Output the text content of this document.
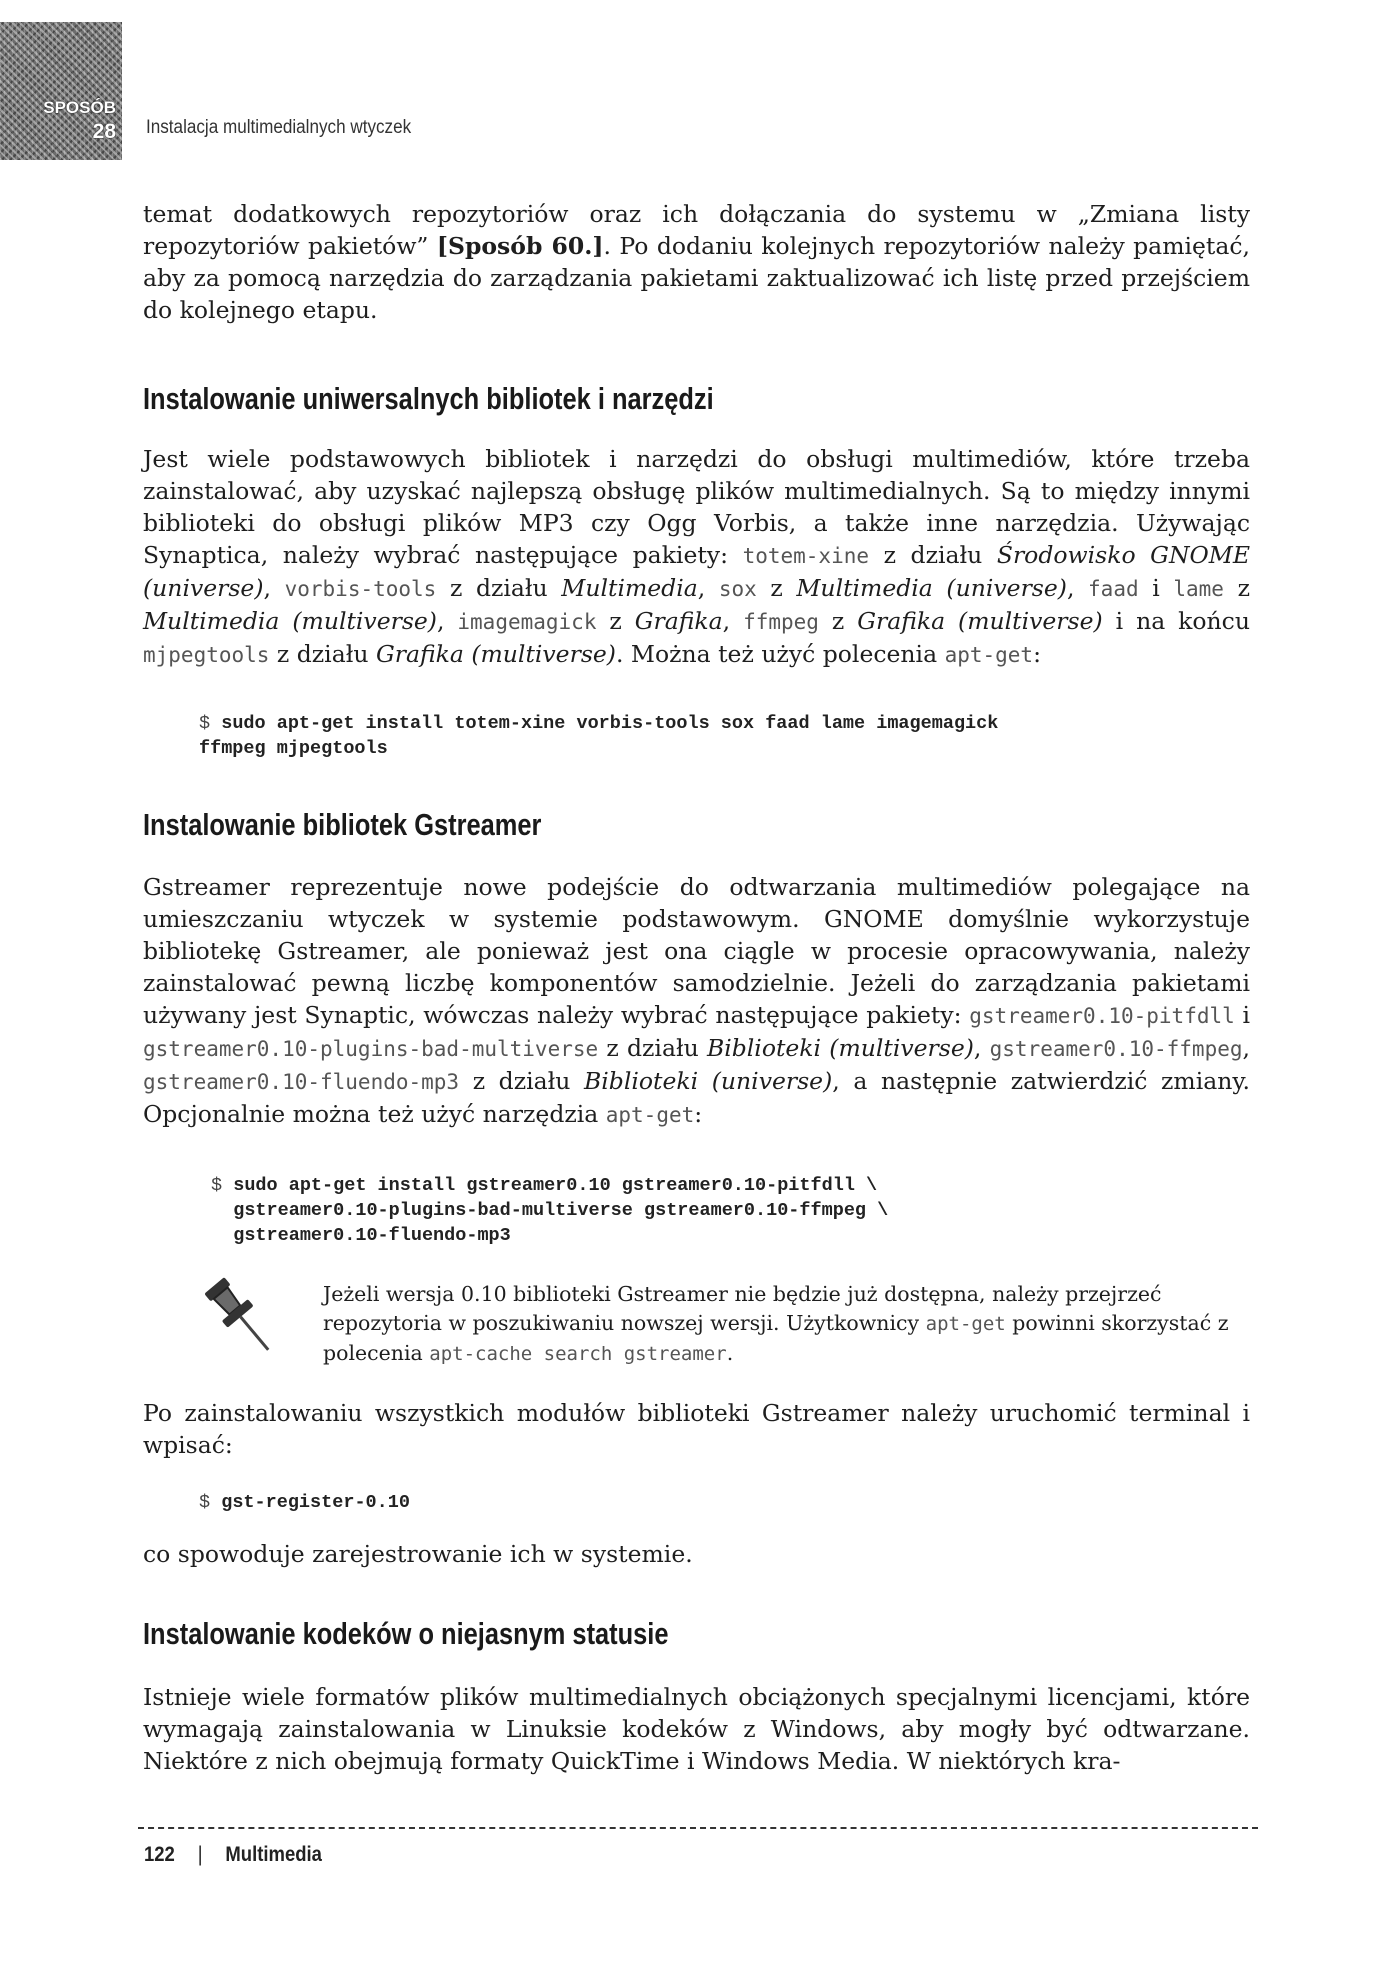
SPOSÓB
28 Instalacja multimedialnych wtyczek

temat dodatkowych repozytoriów oraz ich dołączania do systemu w „Zmiana listy repozytoriów pakietów” [Sposób 60.]. Po dodaniu kolejnych repozytoriów należy pamiętać, aby za pomocą narzędzia do zarządzania pakietami zaktualizować ich listę przed przejściem do kolejnego etapu.

Instalowanie uniwersalnych bibliotek i narzędzi

Jest wiele podstawowych bibliotek i narzędzi do obsługi multimediów, które trzeba zainstalować, aby uzyskać najlepszą obsługę plików multimedialnych. Są to między innymi biblioteki do obsługi plików MP3 czy Ogg Vorbis, a także inne narzędzia. Używając Synaptica, należy wybrać następujące pakiety: totem-xine z działu Środowisko GNOME (universe), vorbis-tools z działu Multimedia, sox z Multimedia (universe), faad i lame z Multimedia (multiverse), imagemagick z Grafika, ffmpeg z Grafika (multiverse) i na końcu mjpegtools z działu Grafika (multiverse). Można też użyć polecenia apt-get:

$ sudo apt-get install totem-xine vorbis-tools sox faad lame imagemagick
ffmpeg mjpegtools
Instalowanie bibliotek Gstreamer

Gstreamer reprezentuje nowe podejście do odtwarzania multimediów polegające na umieszczaniu wtyczek w systemie podstawowym. GNOME domyślnie wykorzystuje bibliotekę Gstreamer, ale ponieważ jest ona ciągle w procesie opracowywania, należy zainstalować pewną liczbę komponentów samodzielnie. Jeżeli do zarządzania pakietami używany jest Synaptic, wówczas należy wybrać następujące pakiety: gstreamer0.10-pitfdll i gstreamer0.10-plugins-bad-multiverse z działu Biblioteki (multiverse), gstreamer0.10-ffmpeg, gstreamer0.10-fluendo-mp3 z działu Biblioteki (universe), a następnie zatwierdzić zmiany. Opcjonalnie można też użyć narzędzia apt-get:

$ sudo apt-get install gstreamer0.10 gstreamer0.10-pitfdll \
gstreamer0.10-plugins-bad-multiverse gstreamer0.10-ffmpeg \
gstreamer0.10-fluendo-mp3

Jeżeli wersja 0.10 biblioteki Gstreamer nie będzie już dostępna, należy przejrzeć repozytoria w poszukiwaniu nowszej wersji. Użytkownicy apt-get powinni skorzystać z polecenia apt-cache search gstreamer.

Po zainstalowaniu wszystkich modułów biblioteki Gstreamer należy uruchomić terminal i wpisać:

$ gst-register-0.10

co spowoduje zarejestrowanie ich w systemie.

Instalowanie kodeków o niejasnym statusie

Istnieje wiele formatów plików multimedialnych obciążonych specjalnymi licencjami, które wymagają zainstalowania w Linuksie kodeków z Windows, aby mogły być odtwarzane. Niektóre z nich obejmują formaty QuickTime i Windows Media. W niektórych kra-

122 | Multimedia
